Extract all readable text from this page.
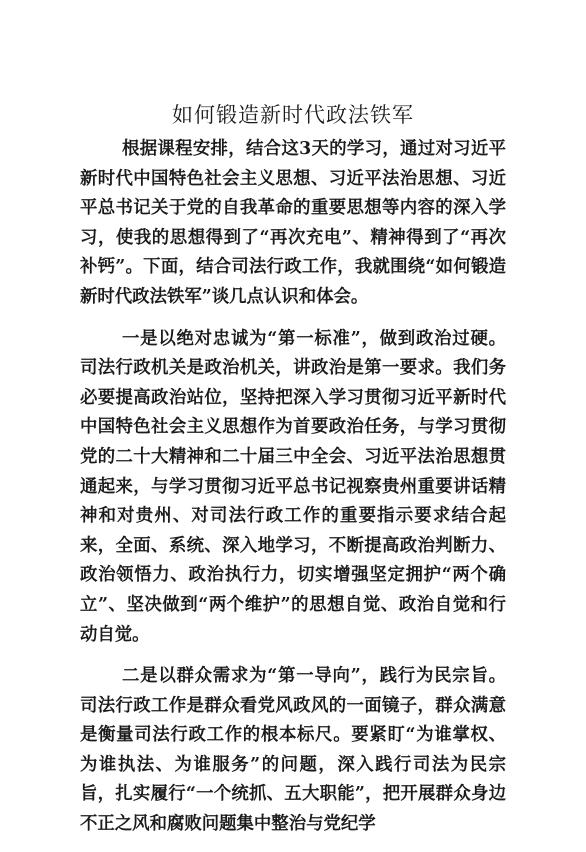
如何锻造新时代政法铁军

根据课程安排，结合这3天的学习，通过对习近平新时代中国特色社会主义思想、习近平法治思想、习近平总书记关于党的自我革命的重要思想等内容的深入学习，使我的思想得到了“再次充电”、精神得到了“再次补钙”。下面，结合司法行政工作，我就围绕“如何锻造新时代政法铁军”谈几点认识和体会。

一是以绝对忠诚为“第一标准”，做到政治过硬。司法行政机关是政治机关，讲政治是第一要求。我们务必要提高政治站位，坚持把深入学习贯彻习近平新时代中国特色社会主义思想作为首要政治任务，与学习贯彻党的二十大精神和二十届三中全会、习近平法治思想贯通起来，与学习贯彻习近平总书记视察贵州重要讲话精神和对贵州、对司法行政工作的重要指示要求结合起来，全面、系统、深入地学习，不断提高政治判断力、政治领悟力、政治执行力，切实增强坚定拥护“两个确立”、坚决做到“两个维护”的思想自觉、政治自觉和行动自觉。

二是以群众需求为“第一导向”，践行为民宗旨。司法行政工作是群众看党风政风的一面镜子，群众满意是衡量司法行政工作的根本标尺。要紧盯“为谁掌权、为谁执法、为谁服务”的问题，深入践行司法为民宗旨，扎实履行“一个统抓、五大职能”，把开展群众身边不正之风和腐败问题集中整治与党纪学
